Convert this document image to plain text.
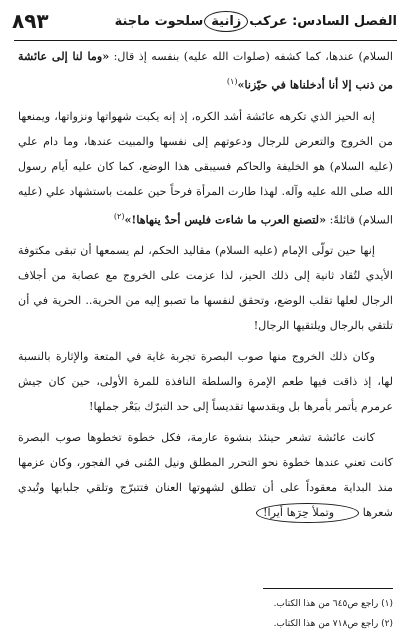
الفصل السادس: عركبزانيةسلحوت ماجنة
٨٩٣

السلام) عندها، كما كشفه (صلوات الله عليه) بنفسه إذ قال: «وما لنا إلى عائشة من ذنب إلا أنا أدخلناها في حيّزنا»$^{(١)}$

إنه الحيز الذي تكرهه عائشة أشد الكره، إذ إنه يكبت شهواتها ونزواتها، ويمنعها من الخروج والتعرض للرجال ودعوتهم إلى نفسها والمبيت عندها، وما دام علي (عليه السلام) هو الخليفة والحاكم فسيبقى هذا الوضع، كما كان عليه أيام رسول الله صلى الله عليه وآله. لهذا طارت المرأة فرحاً حين علمت باستشهاد علي (عليه السلام) قائلةً: «لتصنع العرب ما شاءت فليس أحدٌ ينهاها!»$^{(٢)}$

إنها حين تولّى الإمام (عليه السلام) مقاليد الحكم، لم يسمعها أن تبقى مكتوفة الأيدي لتُقاد ثانية إلى ذلك الحيز، لذا عزمت على الخروج مع عصابة من أجلاف الرجال لعلها تقلب الوضع، وتحقق لنفسها ما تصبو إليه من الحرية.. الحرية في أن تلتقي بالرجال ويلتقيها الرجال!

وكان ذلك الخروج منها صوب البصرة تجربة غاية في المتعة والإثارة بالنسبة لها، إذ ذاقت فيها طعم الإمرة والسلطة النافذة للمرة الأولى، حين كان جيش عرمرم يأتمر بأمرها بل ويقدسها تقديساً إلى حد التبرّك ببَعْر جملها!

كانت عائشة تشعر حينئذ بنشوة عارمة، فكل خطوة تخطوها صوب البصرة كانت تعني عندها خطوة نحو التحرر المطلق ونيل المُنى في الفجور، وكان عزمها منذ البداية معقوداً على أن تطلق لشهوتها العنان فتتبرّج وتلقي جلبابها وتُبدي شعرها وتملأ حِرَها أيرا!

(١) راجع ص٦٤٥ من هذا الكتاب.
(٢) راجع ص٧١٨ من هذا الكتاب.
